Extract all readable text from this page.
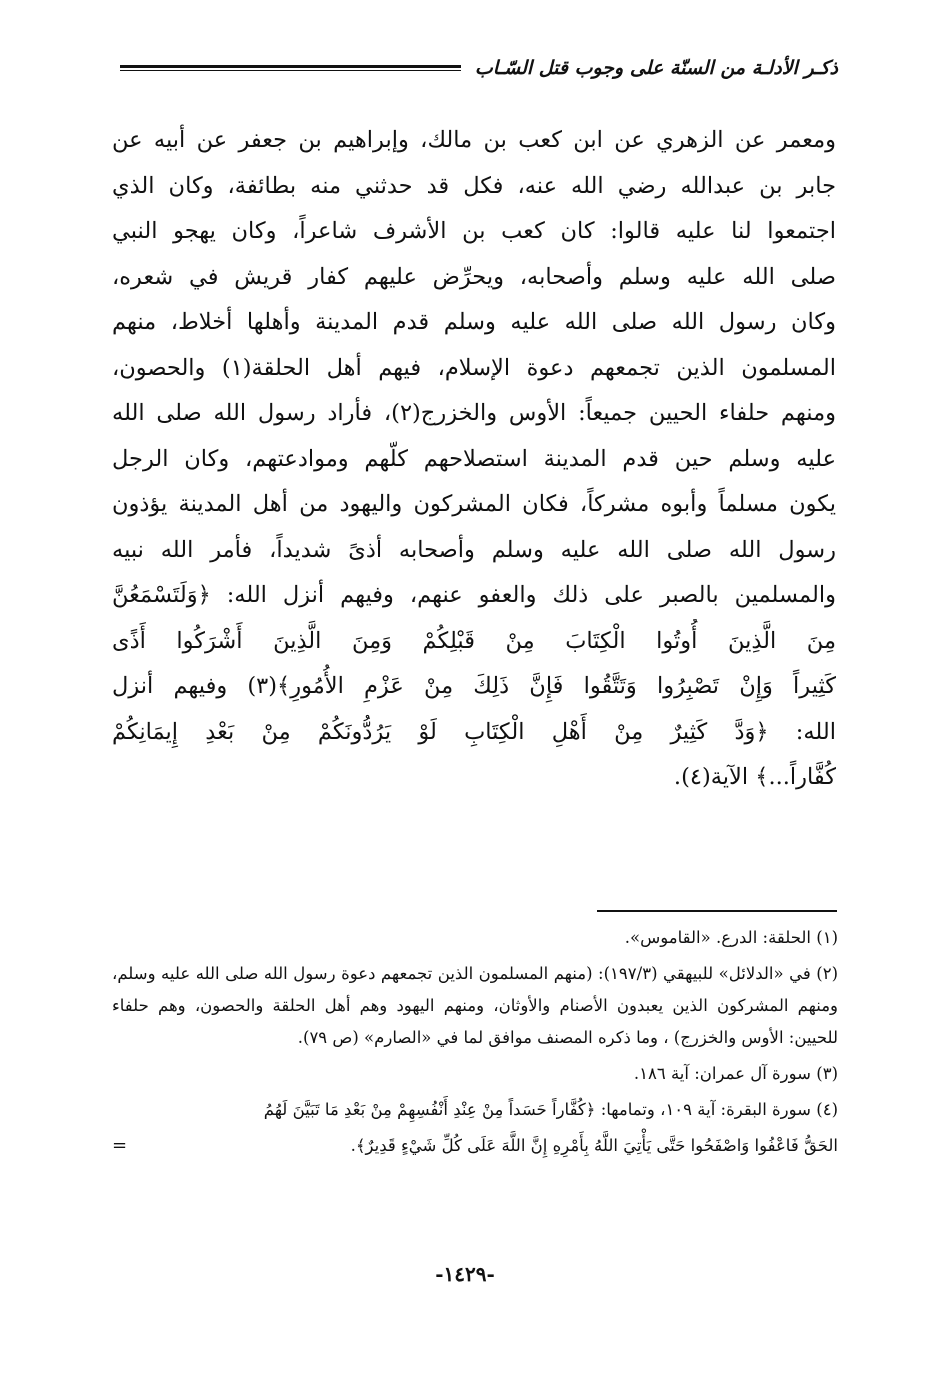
ذكـر الأدلـة من السنّة على وجوب قتل السّـاب
ومعمر عن الزهري عن ابن كعب بن مالك، وإبراهيم بن جعفر عن أبيه عن
جابر بن عبدالله رضي الله عنه، فكل قد حدثني منه بطائفة، وكان الذي
اجتمعوا لنا عليه قالوا: كان كعب بن الأشرف شاعراً، وكان يهجو النبي
صلى الله عليه وسلم وأصحابه، ويحرِّض عليهم كفار قريش في شعره،
وكان رسول الله صلى الله عليه وسلم قدم المدينة وأهلها أخلاط، منهم
المسلمون الذين تجمعهم دعوة الإسلام، فيهم أهل الحلقة(١) والحصون،
ومنهم حلفاء الحيين جميعاً: الأوس والخزرج(٢)، فأراد رسول الله صلى الله
عليه وسلم حين قدم المدينة استصلاحهم كلّهم وموادعتهم، وكان الرجل
يكون مسلماً وأبوه مشركاً، فكان المشركون واليهود من أهل المدينة يؤذون
رسول الله صلى الله عليه وسلم وأصحابه أذىً شديداً، فأمر الله نبيه
والمسلمين بالصبر على ذلك والعفو عنهم، وفيهم أنزل الله: ﴿وَلَتَسْمَعُنَّ
مِنَ الَّذِينَ أُوتُوا الْكِتَابَ مِنْ قَبْلِكُمْ وَمِنَ الَّذِينَ أَشْرَكُوا أَذًى
كَثِيراً وَإِنْ تَصْبِرُوا وَتَتَّقُوا فَإِنَّ ذَلِكَ مِنْ عَزْمِ الأُمُورِ﴾(٣) وفيهم أنزل
الله: ﴿وَدَّ كَثِيرٌ مِنْ أَهْلِ الْكِتَابِ لَوْ يَرُدُّونَكُمْ مِنْ بَعْدِ إِيمَانِكُمْ
كُفَّاراً...﴾ الآية(٤).

(١) الحلقة: الدرع. «القاموس».

(٢) في «الدلائل» للبيهقي (١٩٧/٣): (منهم المسلمون الذين تجمعهم دعوة رسول الله صلى الله عليه وسلم، ومنهم المشركون الذين يعبدون الأصنام والأوثان، ومنهم اليهود وهم أهل الحلقة والحصون، وهم حلفاء للحيين: الأوس والخزرج) ، وما ذكره المصنف موافق لما في «الصارم» (ص ٧٩).

(٣) سورة آل عمران: آية ١٨٦.

(٤) سورة البقرة: آية ١٠٩، وتمامها: ﴿كُفَّاراً حَسَداً مِنْ عِنْدِ أَنْفُسِهِمْ مِنْ بَعْدِ مَا تَبَيَّنَ لَهُمُ

الحَقُّ فَاعْفُوا وَاصْفَحُوا حَتَّى يَأْتِيَ اللَّهُ بِأَمْرِهِ إِنَّ اللَّهَ عَلَى كُلِّ شَيْءٍ قَدِيرٌ﴾.
=
-١٤٢٩-
